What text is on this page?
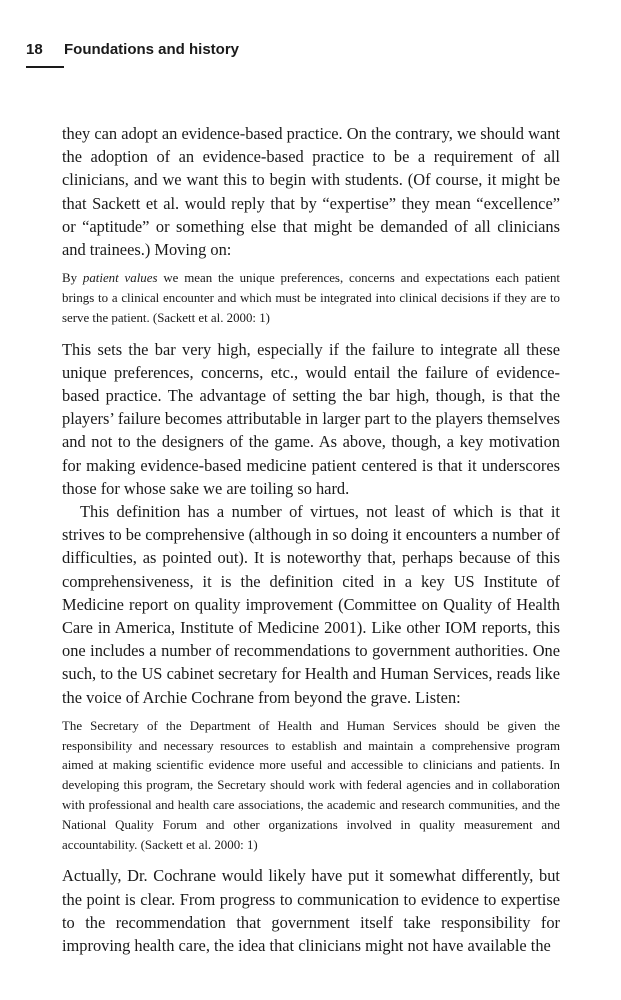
18 Foundations and history

they can adopt an evidence-based practice. On the contrary, we should want the adoption of an evidence-based practice to be a requirement of all clinicians, and we want this to begin with students. (Of course, it might be that Sackett et al. would reply that by “expertise” they mean “excellence” or “aptitude” or something else that might be demanded of all clinicians and trainees.) Moving on:

By patient values we mean the unique preferences, concerns and expectations each patient brings to a clinical encounter and which must be integrated into clinical decisions if they are to serve the patient. (Sackett et al. 2000: 1)

This sets the bar very high, especially if the failure to integrate all these unique preferences, concerns, etc., would entail the failure of evidence-based practice. The advantage of setting the bar high, though, is that the players’ failure becomes attributable in larger part to the players themselves and not to the designers of the game. As above, though, a key motivation for making evidence-based medicine patient centered is that it underscores those for whose sake we are toiling so hard.

This definition has a number of virtues, not least of which is that it strives to be comprehensive (although in so doing it encounters a number of difficulties, as pointed out). It is noteworthy that, perhaps because of this comprehensiveness, it is the definition cited in a key US Institute of Medicine report on quality improvement (Committee on Quality of Health Care in America, Institute of Medicine 2001). Like other IOM reports, this one includes a number of recommendations to government authorities. One such, to the US cabinet secretary for Health and Human Services, reads like the voice of Archie Cochrane from beyond the grave. Listen:

The Secretary of the Department of Health and Human Services should be given the responsibility and necessary resources to establish and maintain a comprehensive program aimed at making scientific evidence more useful and accessible to clinicians and patients. In developing this program, the Secretary should work with federal agencies and in collaboration with professional and health care associations, the academic and research communities, and the National Quality Forum and other organizations involved in quality measurement and accountability. (Sackett et al. 2000: 1)

Actually, Dr. Cochrane would likely have put it somewhat differently, but the point is clear. From progress to communication to evidence to expertise to the recommendation that government itself take responsibility for improving health care, the idea that clinicians might not have available the
